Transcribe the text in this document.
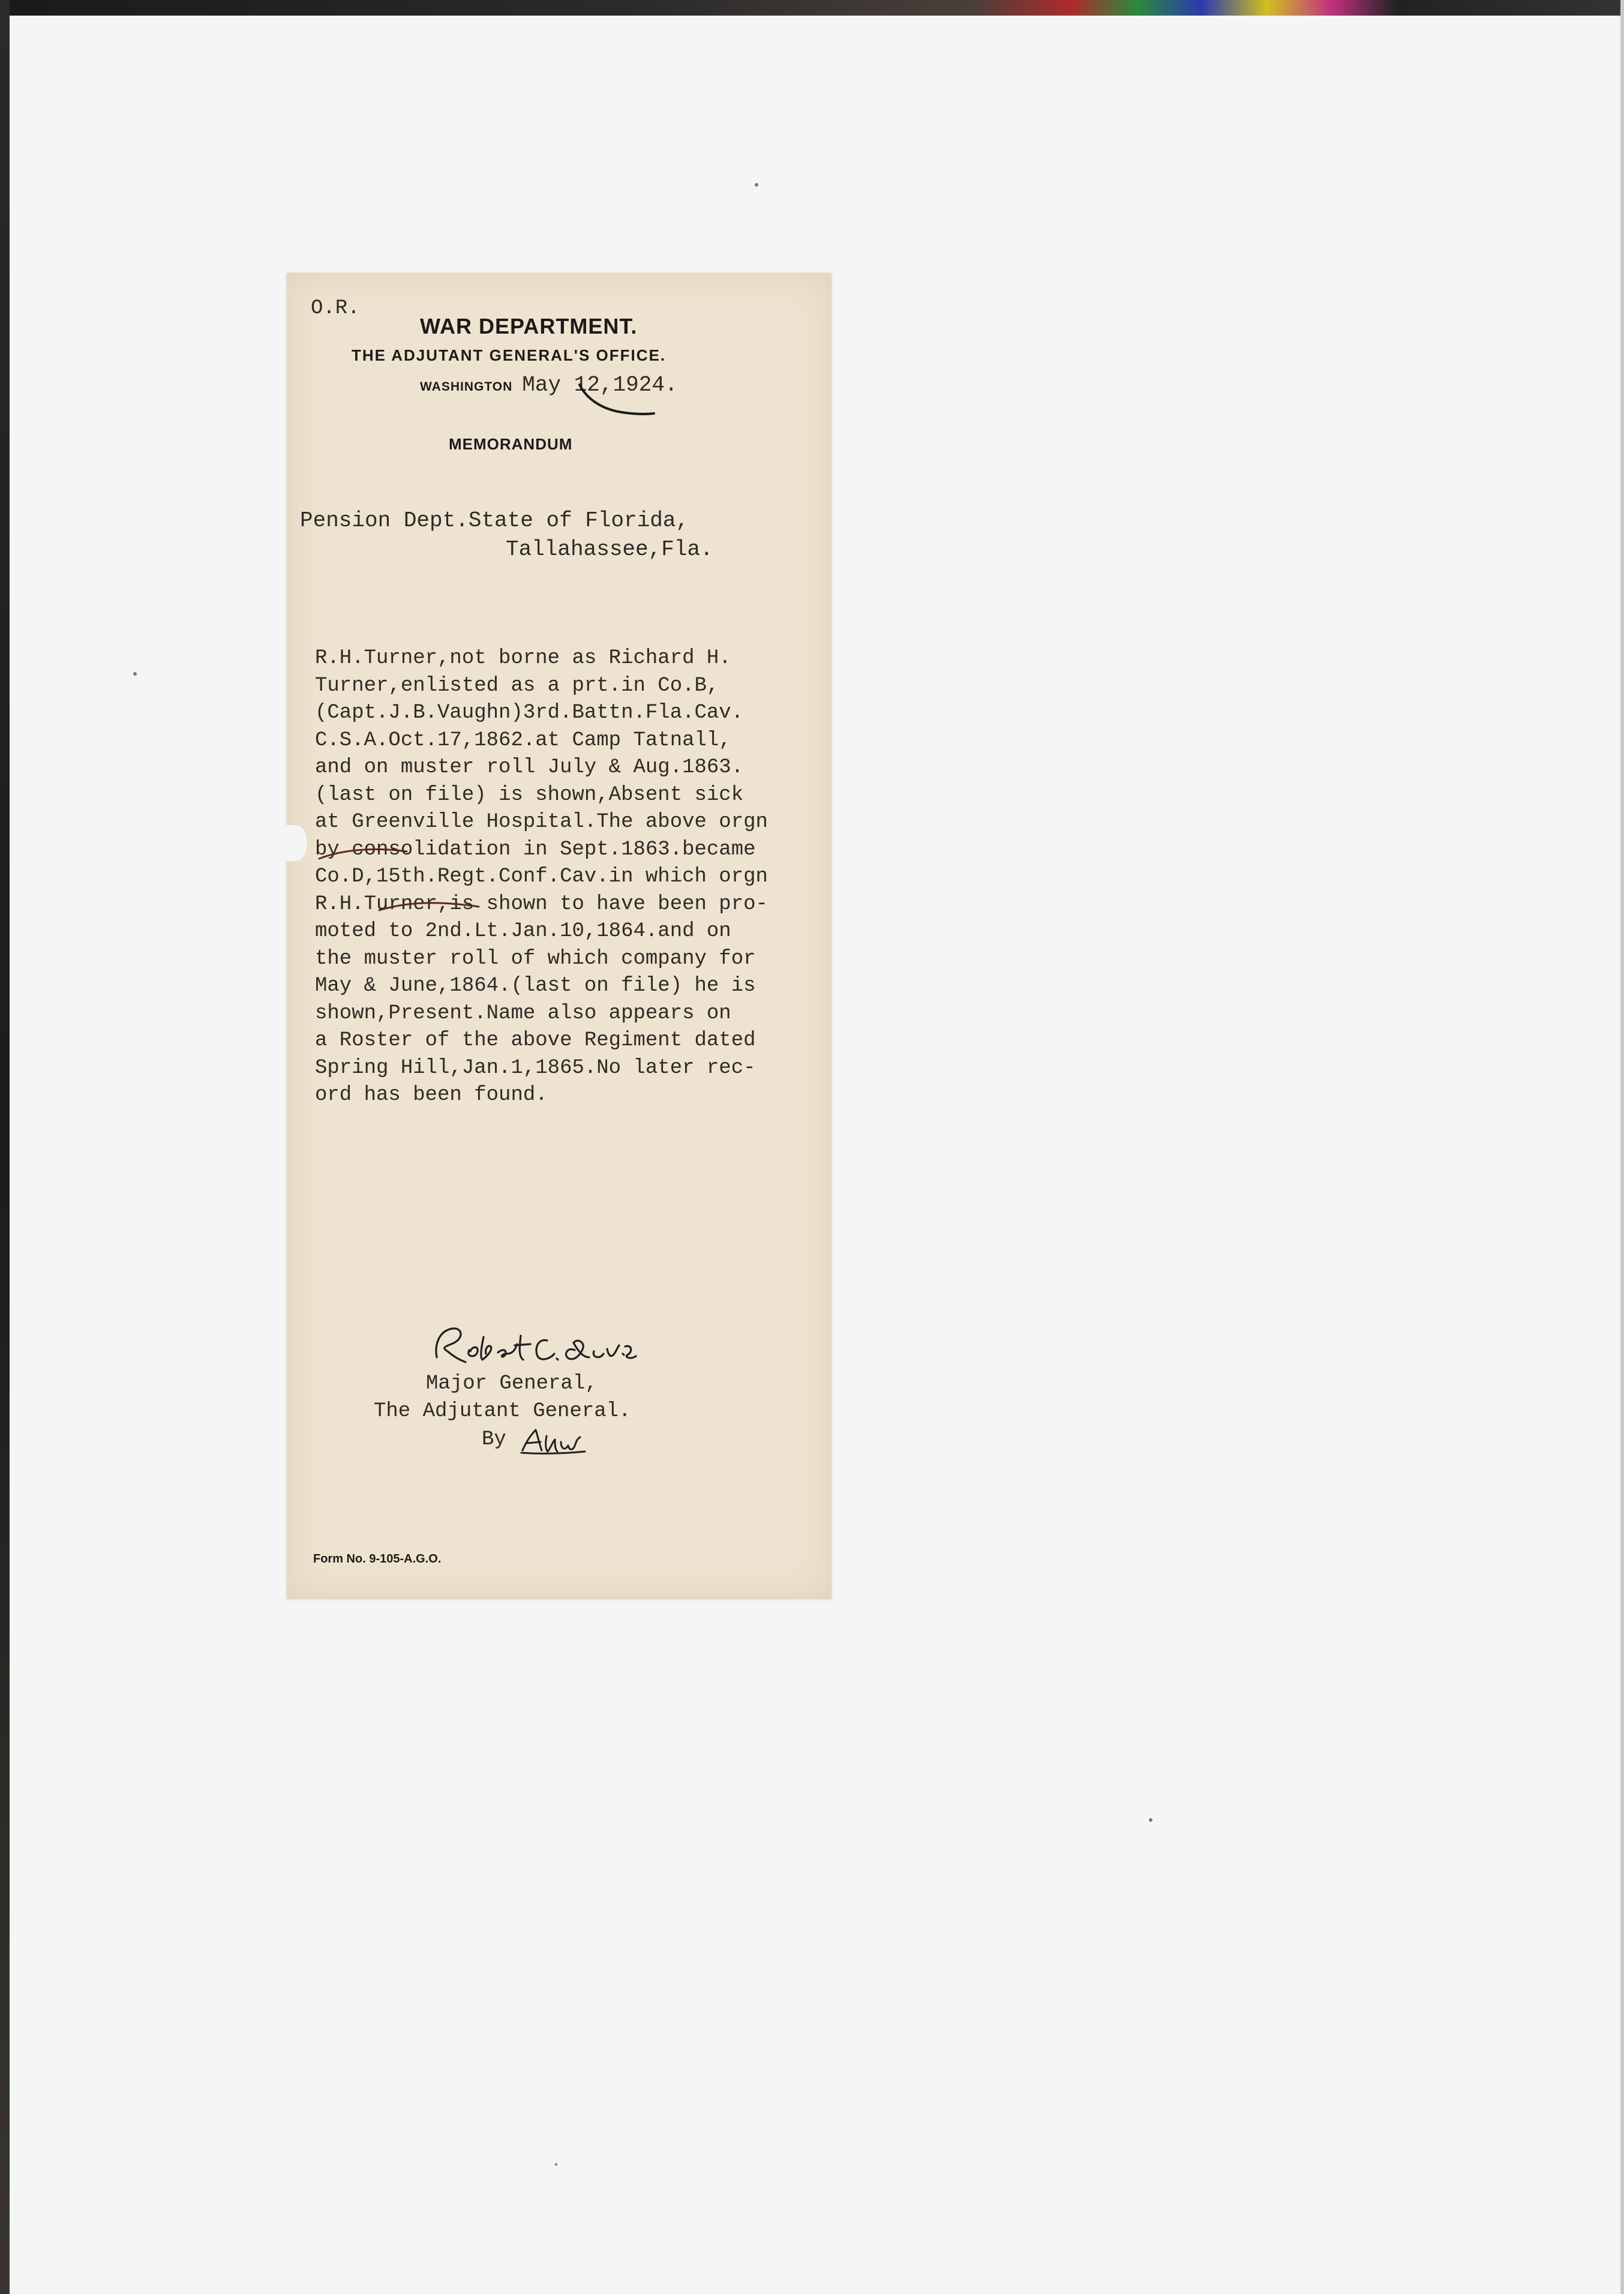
O.R.
WAR DEPARTMENT.
THE ADJUTANT GENERAL'S OFFICE.
WASHINGTON May 12,1924.
MEMORANDUM
Pension Dept.State of Florida,
Tallahassee,Fla.
R.H.Turner,not borne as Richard H.
Turner,enlisted as a prt.in Co.B,
(Capt.J.B.Vaughn)3rd.Battn.Fla.Cav.
C.S.A.Oct.17,1862.at Camp Tatnall,
and on muster roll July & Aug.1863.
(last on file) is shown,Absent sick
at Greenville Hospital.The above orgn
by consolidation in Sept.1863.became
Co.D,15th.Regt.Conf.Cav.in which orgn
R.H.Turner,is shown to have been pro-
moted to 2nd.Lt.Jan.10,1864.and on
the muster roll of which company for
May & June,1864.(last on file) he is
shown,Present.Name also appears on
a Roster of the above Regiment dated
Spring Hill,Jan.1,1865.No later rec-
ord has been found.
Major General,
The Adjutant General.
By
Form No. 9-105-A.G.O.
